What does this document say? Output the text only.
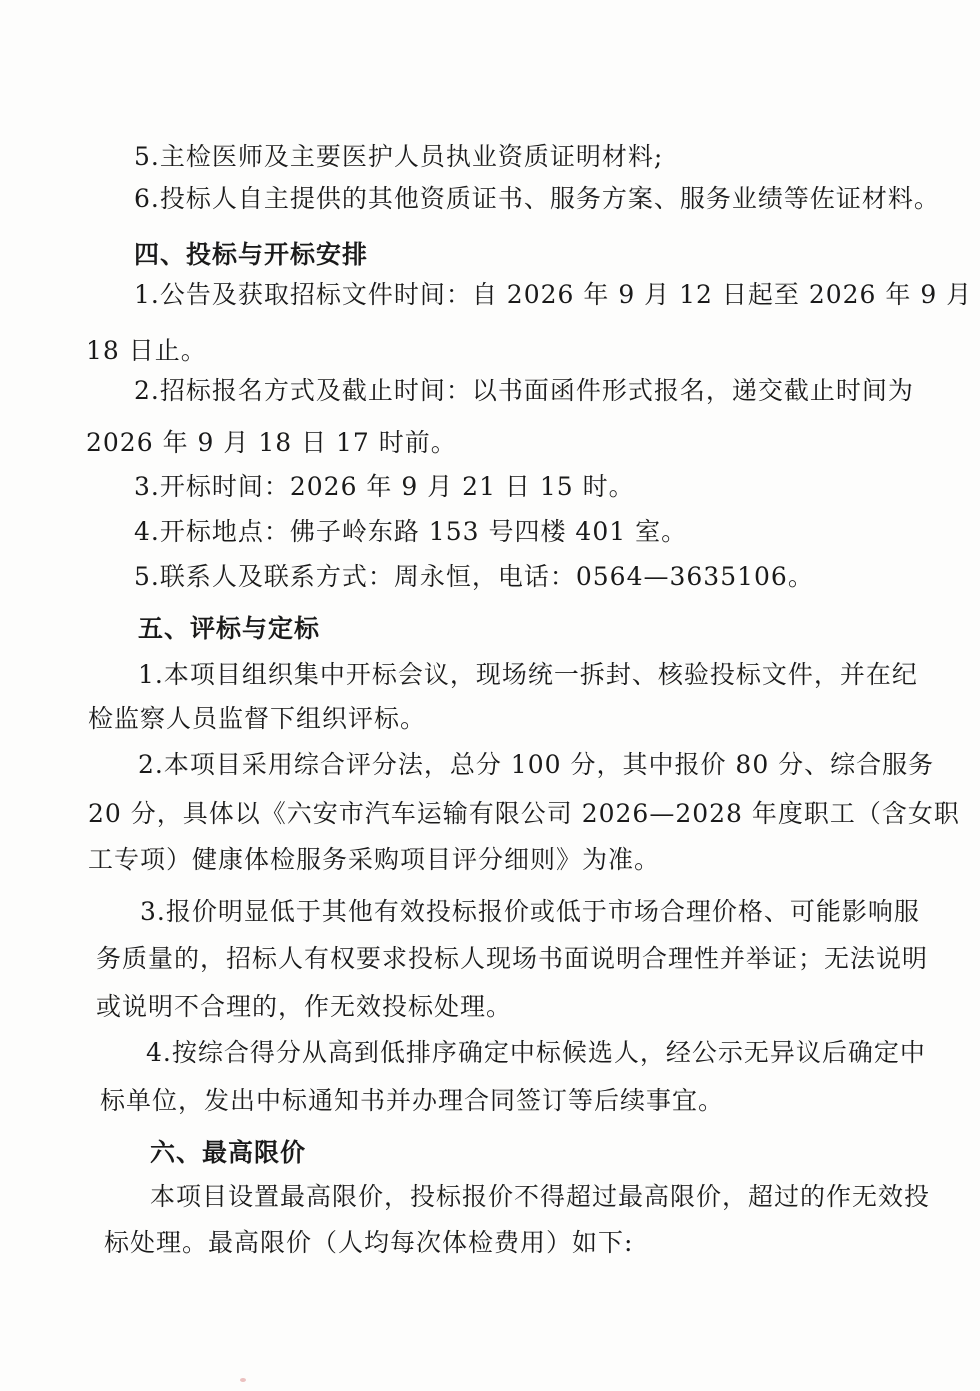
5.主检医师及主要医护人员执业资质证明材料;
6.投标人自主提供的其他资质证书、服务方案、服务业绩等佐证材料。
四、投标与开标安排
1.公告及获取招标文件时间：自 2026 年 9 月 12 日起至 2026 年 9 月
18 日止。
2.招标报名方式及截止时间：以书面函件形式报名，递交截止时间为
2026 年 9 月 18 日 17 时前。
3.开标时间：2026 年 9 月 21 日 15 时。
4.开标地点：佛子岭东路 153 号四楼 401 室。
5.联系人及联系方式：周永恒，电话：0564—3635106。
五、评标与定标
1.本项目组织集中开标会议，现场统一拆封、核验投标文件，并在纪
检监察人员监督下组织评标。
2.本项目采用综合评分法，总分 100 分，其中报价 80 分、综合服务
20 分，具体以《六安市汽车运输有限公司 2026—2028 年度职工（含女职
工专项）健康体检服务采购项目评分细则》为准。
3.报价明显低于其他有效投标报价或低于市场合理价格、可能影响服
务质量的，招标人有权要求投标人现场书面说明合理性并举证；无法说明
或说明不合理的，作无效投标处理。
4.按综合得分从高到低排序确定中标候选人，经公示无异议后确定中
标单位，发出中标通知书并办理合同签订等后续事宜。
六、最高限价
本项目设置最高限价，投标报价不得超过最高限价，超过的作无效投
标处理。最高限价（人均每次体检费用）如下:
